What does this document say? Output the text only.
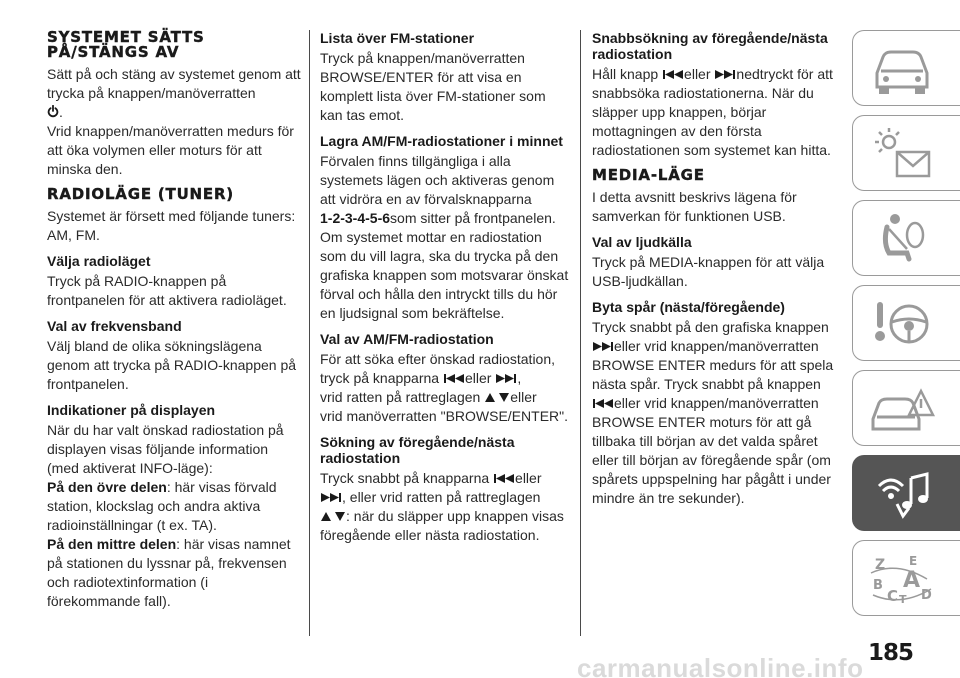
SYSTEMET SÄTTS PÅ/STÄNGS AV

Sätt på och stäng av systemet genom att trycka på knappen/manöverratten
.
Vrid knappen/manöverratten medurs för att öka volymen eller moturs för att minska den.

RADIOLÄGE (TUNER)

Systemet är försett med följande tuners: AM, FM.

Välja radioläget

Tryck på RADIO-knappen på frontpanelen för att aktivera radioläget.

Val av frekvensband

Välj bland de olika sökningslägena genom att trycka på RADIO-knappen på frontpanelen.

Indikationer på displayen

När du har valt önskad radiostation på displayen visas följande information (med aktiverat INFO-läge):
På den övre delen: här visas förvald station, klockslag och andra aktiva radioinställningar (t ex. TA).
På den mittre delen: här visas namnet på stationen du lyssnar på, frekvensen och radiotextinformation (i förekommande fall).

Lista över FM-stationer

Tryck på knappen/manöverratten BROWSE/ENTER för att visa en komplett lista över FM-stationer som kan tas emot.

Lagra AM/FM-radiostationer i minnet

Förvalen finns tillgängliga i alla systemets lägen och aktiveras genom att vidröra en av förvalsknapparna
1-2-3-4-5-6som sitter på frontpanelen.
Om systemet mottar en radiostation som du vill lagra, ska du trycka på den grafiska knappen som motsvarar önskat förval och hålla den intryckt tills du hör en ljudsignal som bekräftelse.

Val av AM/FM-radiostation

För att söka efter önskad radiostation, tryck på knapparna eller ,
vrid ratten på rattreglagen eller
vrid manöverratten "BROWSE/ENTER".

Sökning av föregående/nästa radiostation

Tryck snabbt på knapparna eller
, eller vrid ratten på rattreglagen
: när du släpper upp knappen visas föregående eller nästa radiostation.

Snabbsökning av föregående/nästa radiostation

Håll knapp eller nedtryckt för att snabbsöka radiostationerna. När du släpper upp knappen, börjar mottagningen av den första radiostationen som systemet kan hitta.

MEDIA-LÄGE

I detta avsnitt beskrivs lägena för samverkan för funktionen USB.

Val av ljudkälla

Tryck på MEDIA-knappen för att välja USB-ljudkällan.

Byta spår (nästa/föregående)

Tryck snabbt på den grafiska knappen
eller vrid knappen/manöverratten BROWSE ENTER medurs för att spela nästa spår. Tryck snabbt på knappen
eller vrid knappen/manöverratten BROWSE ENTER moturs för att gå tillbaka till början av det valda spåret eller till början av föregående spår (om spårets uppspelning har pågått i under mindre än tre sekunder).

Z E
A
B
C T D
185
carmanualsonline.info
